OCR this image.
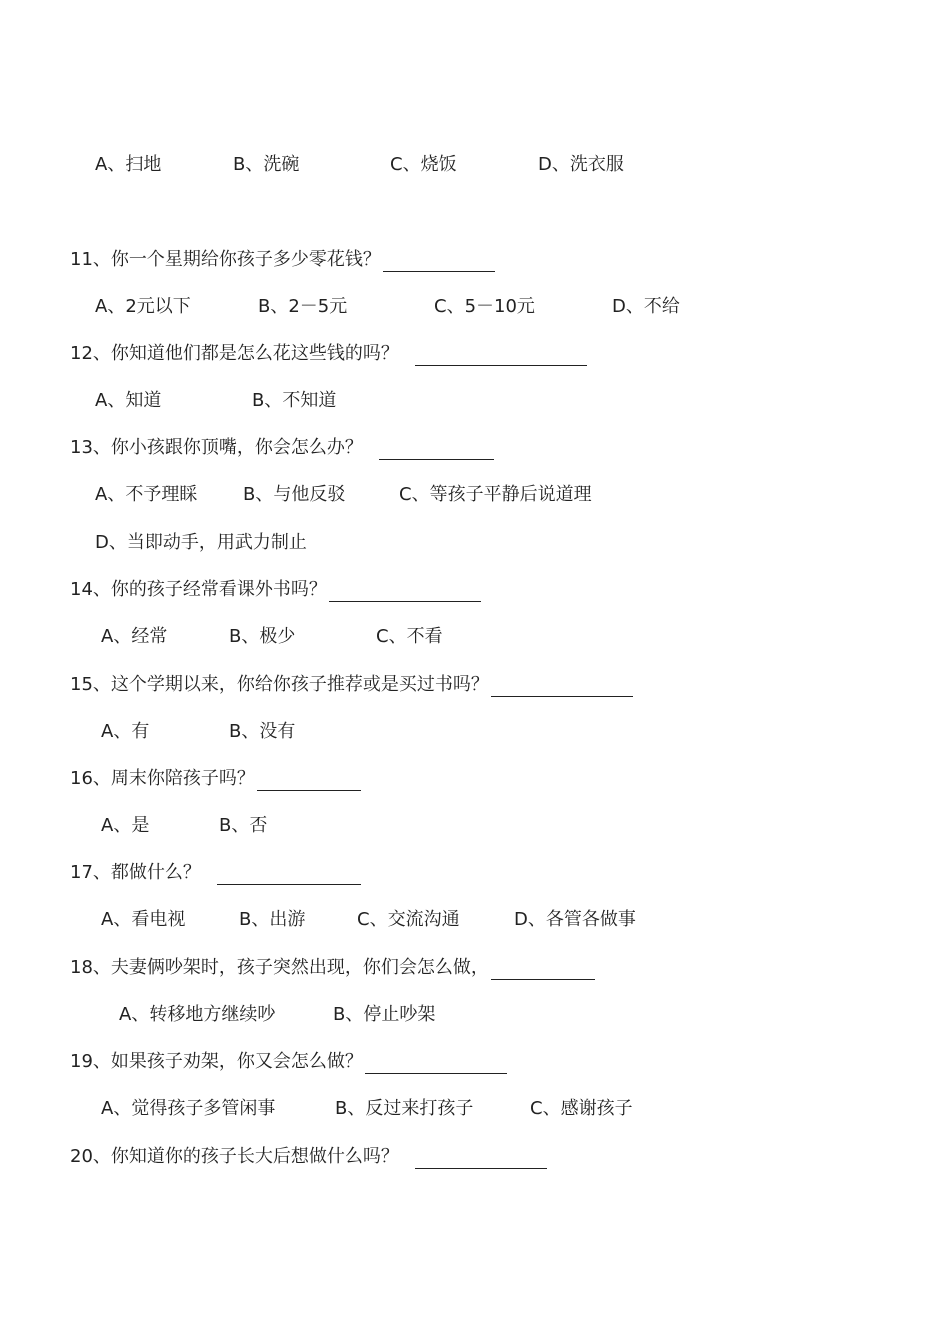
A、扫地	B、洗碗	C、烧饭	D、洗衣服
11、你一个星期给你孩子多少零花钱？
A、2元以下	B、2－5元	C、5－10元	D、不给
12、你知道他们都是怎么花这些钱的吗？
A、知道	B、不知道
13、你小孩跟你顶嘴，你会怎么办？
A、不予理睬	B、与他反驳	C、等孩子平静后说道理
D、当即动手，用武力制止
14、你的孩子经常看课外书吗？
A、经常	B、极少	C、不看
15、这个学期以来，你给你孩子推荐或是买过书吗？
A、有	B、没有
16、周末你陪孩子吗？
A、是	B、否
17、都做什么？
A、看电视	B、出游	C、交流沟通	D、各管各做事
18、夫妻俩吵架时，孩子突然出现，你们会怎么做，
A、转移地方继续吵	B、停止吵架
19、如果孩子劝架，你又会怎么做？
A、觉得孩子多管闲事	B、反过来打孩子	C、感谢孩子
20、你知道你的孩子长大后想做什么吗？
